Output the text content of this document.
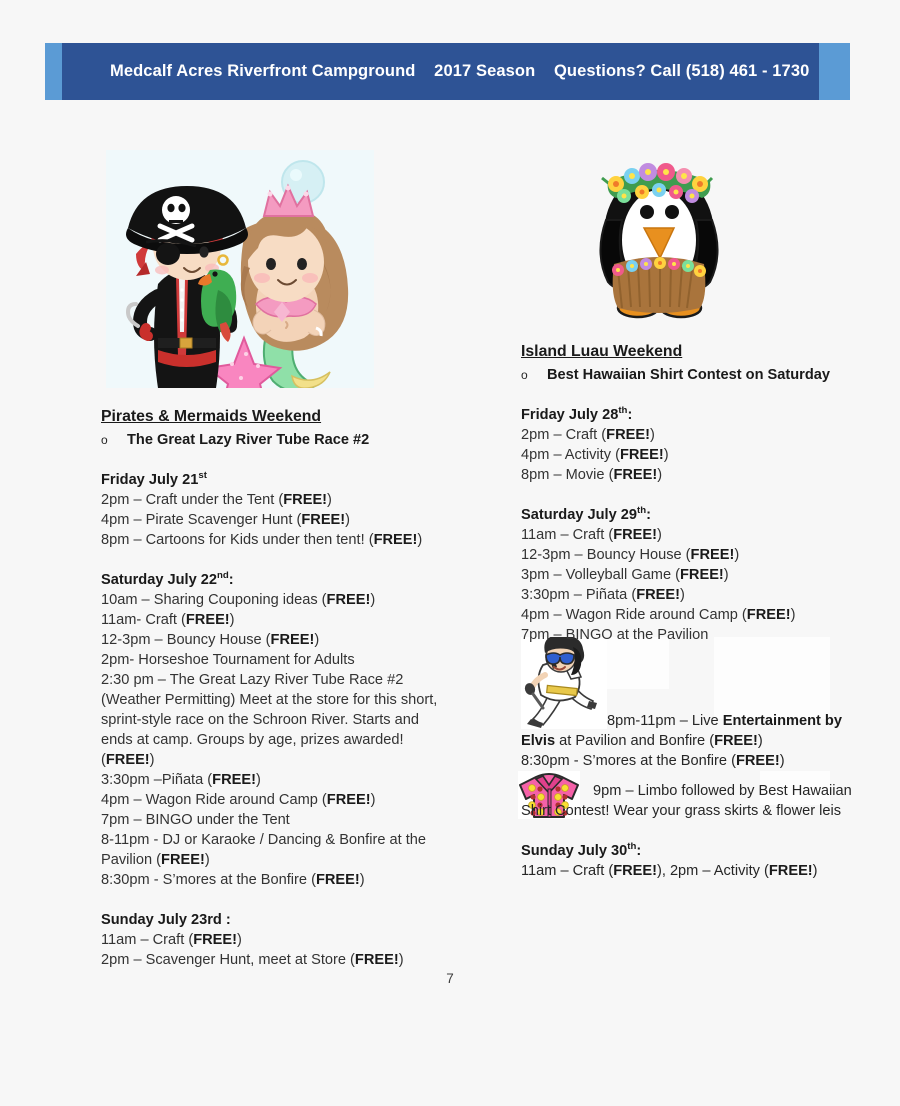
Medcalf Acres Riverfront Campground    2017 Season    Questions? Call (518) 461 - 1730
Pirates & Mermaids Weekend
o	The Great Lazy River Tube Race #2
Friday July 21st
2pm – Craft under the Tent (FREE!)
4pm – Pirate Scavenger Hunt (FREE!)
8pm – Cartoons for Kids under then tent! (FREE!)
Saturday July 22nd:
10am – Sharing Couponing ideas (FREE!)
11am- Craft (FREE!)
12-3pm – Bouncy House (FREE!)
2pm- Horseshoe Tournament for Adults
2:30 pm – The Great Lazy River Tube Race #2 (Weather Permitting) Meet at the store for this short, sprint-style race on the Schroon River. Starts and ends at camp. Groups by age, prizes awarded! (FREE!)
3:30pm –Piñata (FREE!)
4pm – Wagon Ride around Camp (FREE!)
7pm – BINGO under the Tent
8-11pm - DJ or Karaoke / Dancing & Bonfire at the Pavilion (FREE!)
8:30pm - S’mores at the Bonfire (FREE!)
Sunday July 23rd :
11am – Craft (FREE!)
2pm – Scavenger Hunt, meet at Store (FREE!)
Island Luau Weekend
o	Best Hawaiian Shirt Contest on Saturday
Friday July 28th:
2pm – Craft (FREE!)
4pm – Activity (FREE!)
8pm – Movie (FREE!)
Saturday July 29th:
11am – Craft (FREE!)
12-3pm – Bouncy House (FREE!)
3pm – Volleyball Game (FREE!)
3:30pm – Piñata (FREE!)
4pm – Wagon Ride around Camp (FREE!)
7pm – BINGO at the Pavilion
8pm-11pm – Live Entertainment by
Elvis at Pavilion and Bonfire (FREE!)
8:30pm - S’mores at the Bonfire (FREE!)
9pm – Limbo followed by Best Hawaiian
Shirt Contest! Wear your grass skirts & flower leis
Sunday July 30th:
11am – Craft (FREE!), 2pm – Activity (FREE!)
7
